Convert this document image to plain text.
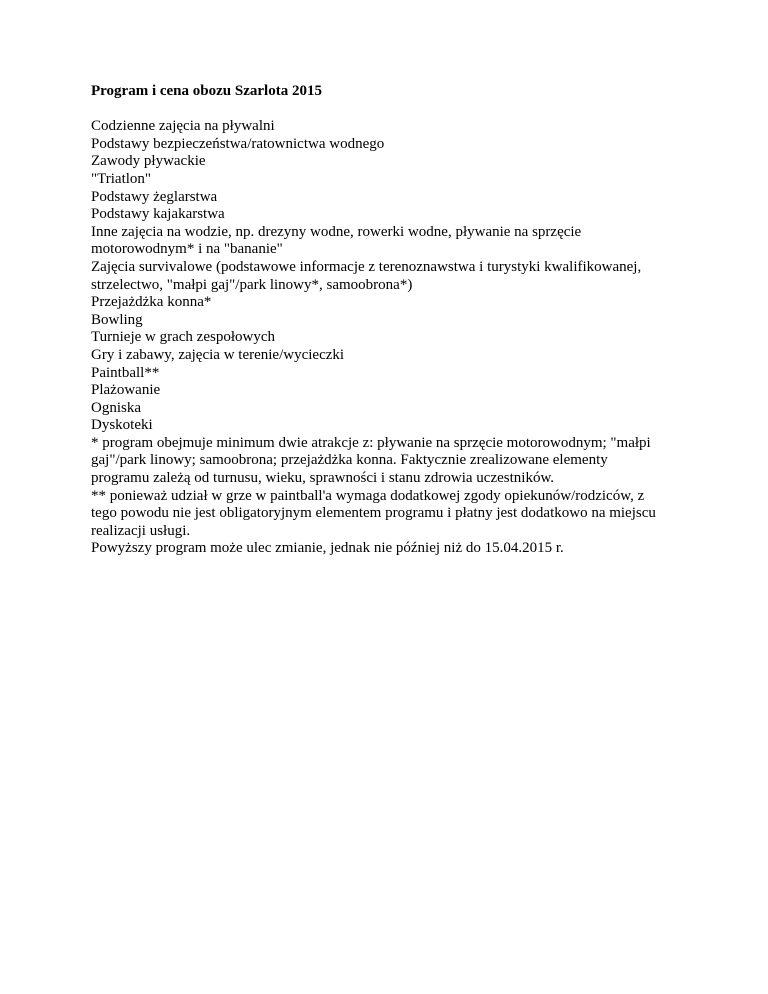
Program i cena obozu Szarlota 2015
Codzienne zajęcia na pływalni
Podstawy bezpieczeństwa/ratownictwa wodnego
Zawody pływackie
"Triatlon"
Podstawy żeglarstwa
Podstawy kajakarstwa
Inne zajęcia na wodzie, np. drezyny wodne, rowerki wodne, pływanie na sprzęcie
motorowodnym* i na "bananie"
Zajęcia survivalowe (podstawowe informacje z terenoznawstwa i turystyki kwalifikowanej,
strzelectwo, "małpi gaj"/park linowy*, samoobrona*)
Przejażdżka konna*
Bowling
Turnieje w grach zespołowych
Gry i zabawy, zajęcia w terenie/wycieczki
Paintball**
Plażowanie
Ogniska
Dyskoteki
* program obejmuje minimum dwie atrakcje z: pływanie na sprzęcie motorowodnym; "małpi
gaj"/park linowy; samoobrona; przejażdżka konna. Faktycznie zrealizowane elementy
programu zależą od turnusu, wieku, sprawności i stanu zdrowia uczestników.
** ponieważ udział w grze w paintball'a wymaga dodatkowej zgody opiekunów/rodziców, z
tego powodu nie jest obligatoryjnym elementem programu i płatny jest dodatkowo na miejscu
realizacji usługi.
Powyższy program może ulec zmianie, jednak nie później niż do 15.04.2015 r.
